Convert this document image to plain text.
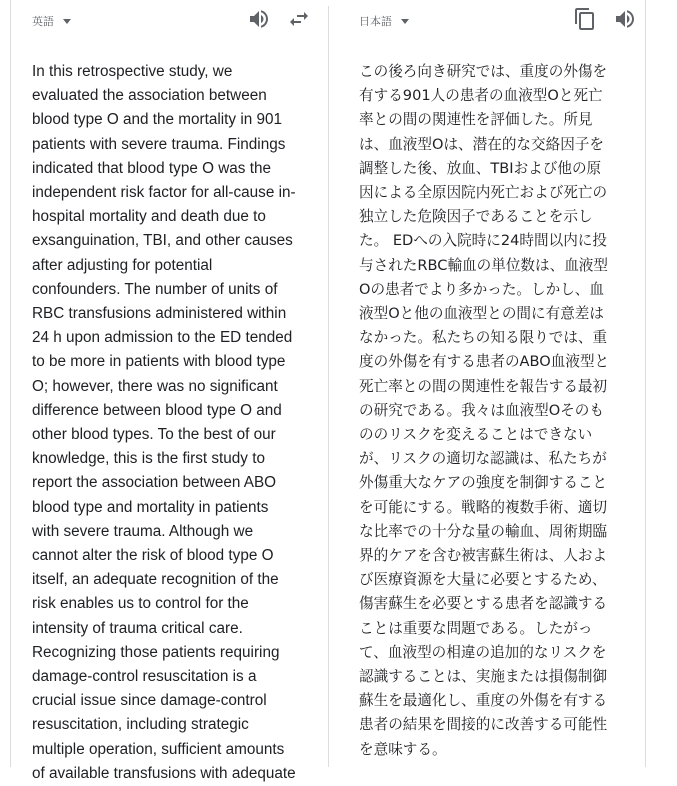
英語
In this retrospective study, we
evaluated the association between
blood type O and the mortality in 901
patients with severe trauma. Findings
indicated that blood type O was the
independent risk factor for all-cause in-
hospital mortality and death due to
exsanguination, TBI, and other causes
after adjusting for potential
confounders. The number of units of
RBC transfusions administered within
24 h upon admission to the ED tended
to be more in patients with blood type
O; however, there was no significant
difference between blood type O and
other blood types. To the best of our
knowledge, this is the first study to
report the association between ABO
blood type and mortality in patients
with severe trauma. Although we
cannot alter the risk of blood type O
itself, an adequate recognition of the
risk enables us to control for the
intensity of trauma critical care.
Recognizing those patients requiring
damage-control resuscitation is a
crucial issue since damage-control
resuscitation, including strategic
multiple operation, sufficient amounts
of available transfusions with adequate
日本語
この後ろ向き研究では、重度の外傷を
有する901人の患者の血液型Oと死亡
率との間の関連性を評価した。所見
は、血液型Oは、潜在的な交絡因子を
調整した後、放血、TBIおよび他の原
因による全原因院内死亡および死亡の
独立した危険因子であることを示し
た。 EDへの入院時に24時間以内に投
与されたRBC輸血の単位数は、血液型
Oの患者でより多かった。しかし、血
液型Oと他の血液型との間に有意差は
なかった。私たちの知る限りでは、重
度の外傷を有する患者のABO血液型と
死亡率との間の関連性を報告する最初
の研究である。我々は血液型Oそのも
ののリスクを変えることはできない
が、リスクの適切な認識は、私たちが
外傷重大なケアの強度を制御すること
を可能にする。戦略的複数手術、適切
な比率での十分な量の輸血、周術期臨
界的ケアを含む被害蘇生術は、人およ
び医療資源を大量に必要とするため、
傷害蘇生を必要とする患者を認識する
ことは重要な問題である。したがっ
て、血液型の相違の追加的なリスクを
認識することは、実施または損傷制御
蘇生を最適化し、重度の外傷を有する
患者の結果を間接的に改善する可能性
を意味する。
